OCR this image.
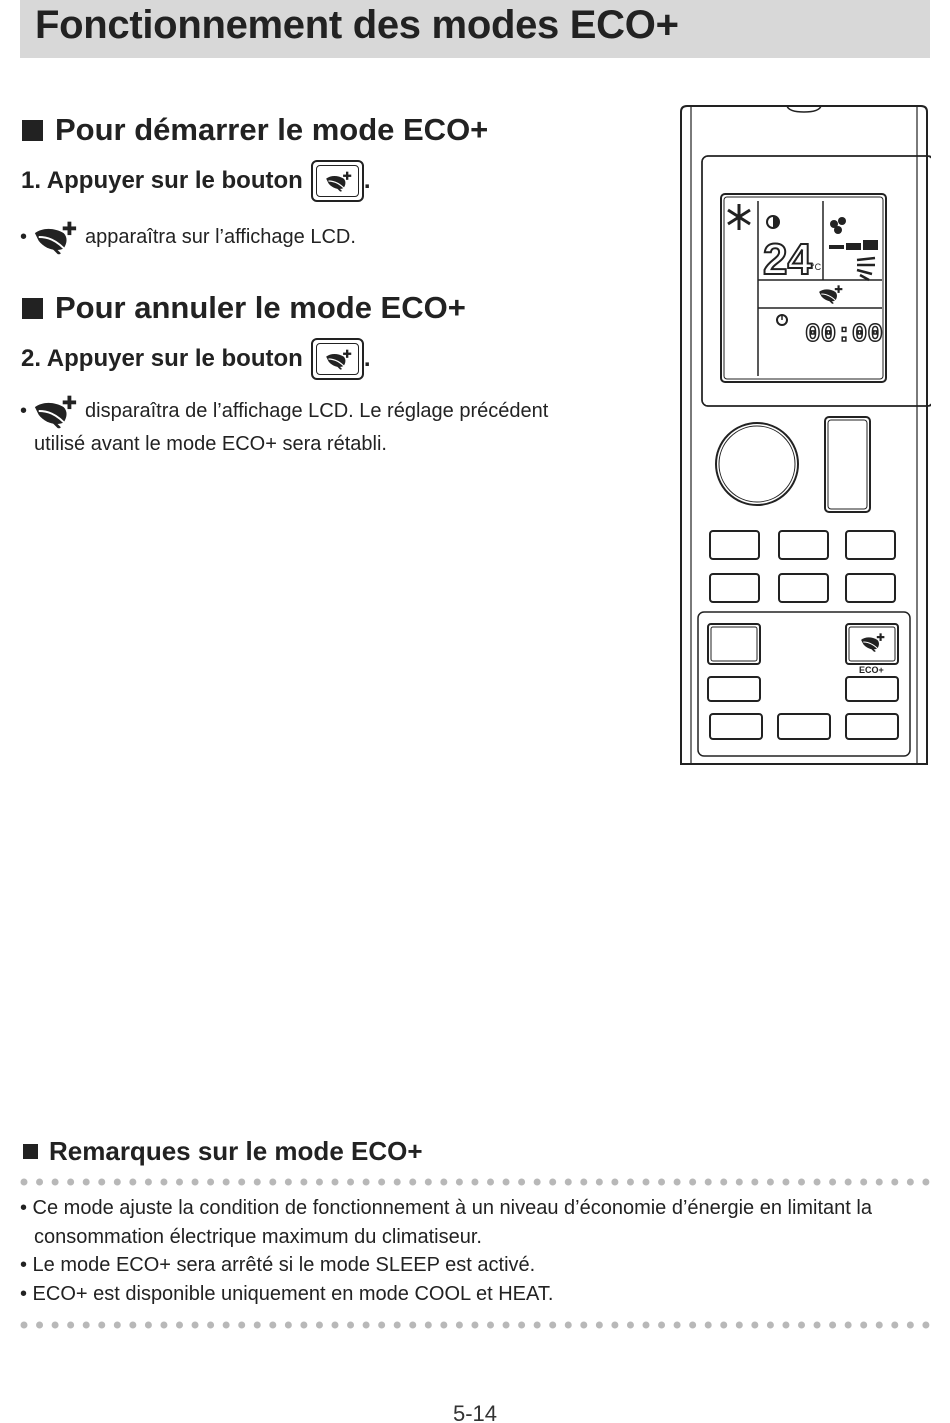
Fonctionnement des modes ECO+
Pour démarrer le mode ECO+
1. Appuyer sur le bouton	.
•	apparaîtra sur l’affichage LCD.
Pour annuler le mode ECO+
2. Appuyer sur le bouton	.
•	disparaîtra de l’affichage LCD. Le réglage précédent
utilisé avant le mode ECO+ sera rétabli.
24 °C
00:00
ECO+
Remarques sur le mode ECO+
• Ce mode ajuste la condition de fonctionnement à un niveau d’économie d’énergie en limitant la
consommation électrique maximum du climatiseur.
• Le mode ECO+ sera arrêté si le mode SLEEP est activé.
• ECO+ est disponible uniquement en mode COOL et HEAT.
5-14
